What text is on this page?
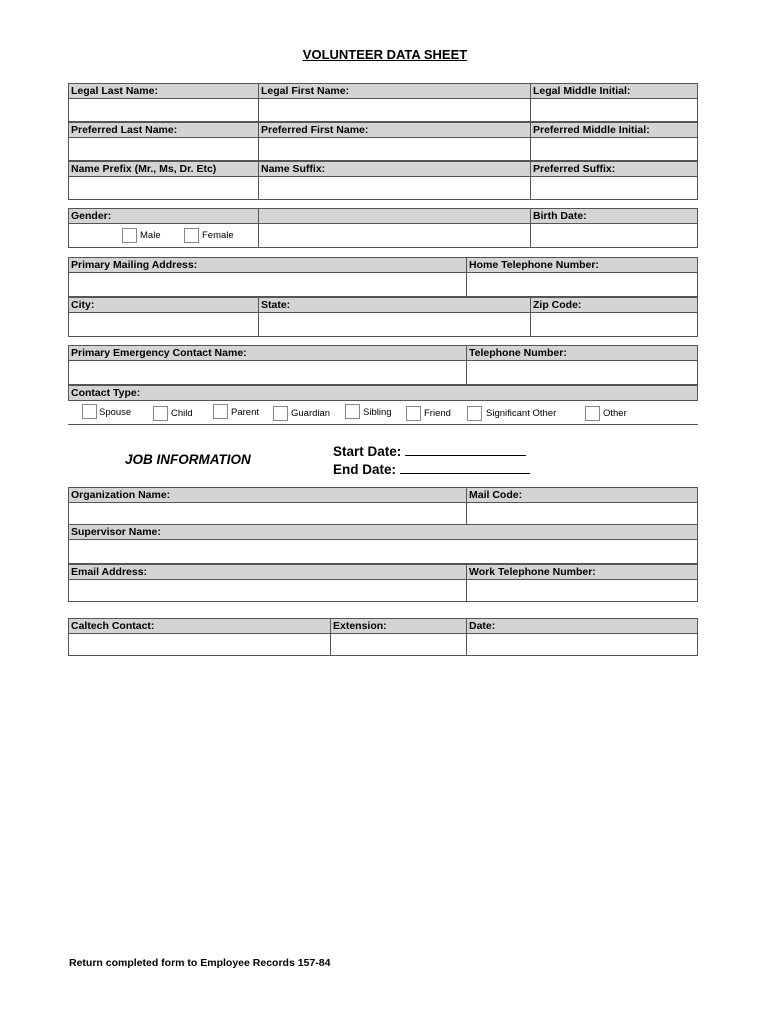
VOLUNTEER DATA SHEET
Legal Last Name:	Legal First Name:	Legal Middle Initial:
Preferred Last Name:	Preferred First Name:	Preferred Middle Initial:
Name Prefix (Mr., Ms, Dr. Etc)	Name Suffix:	Preferred Suffix:
Gender:	Birth Date:
Male	Female
Primary Mailing Address:	Home Telephone Number:
City:	State:	Zip Code:
Primary Emergency Contact Name:	Telephone Number:
Contact Type:
Spouse	Child	Parent	Guardian	Sibling	Friend	Significant Other	Other
JOB INFORMATION
Start Date:
End Date:
Organization Name:	Mail Code:
Supervisor Name:
Email Address:	Work Telephone Number:
Caltech Contact:	Extension:	Date:
Return completed form to Employee Records 157-84
